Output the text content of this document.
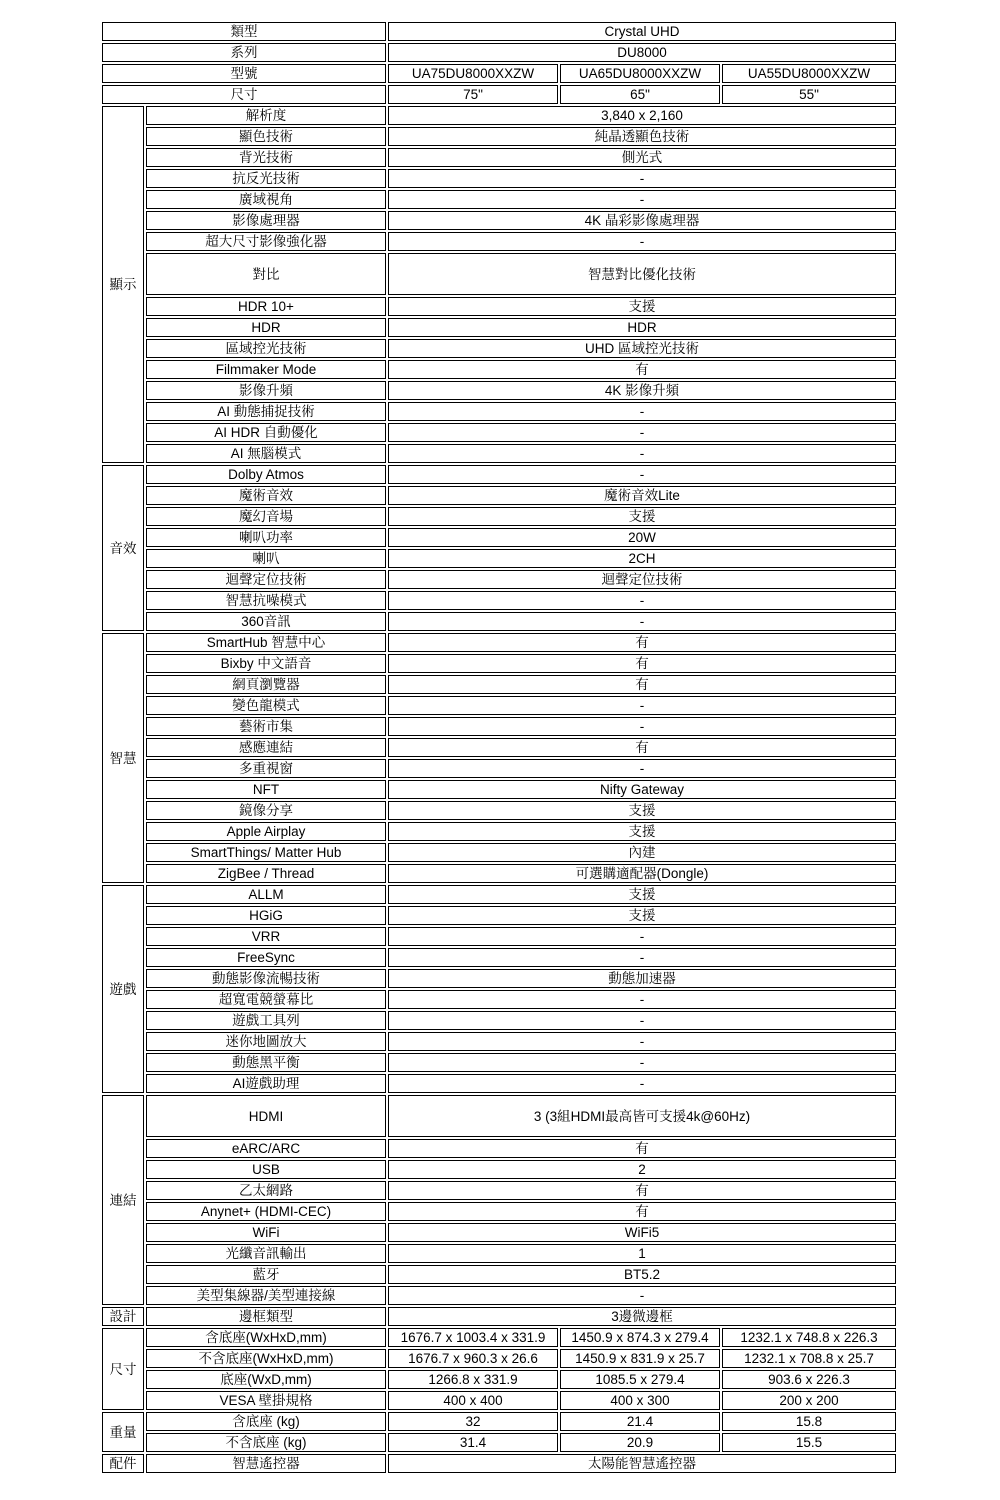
類型		Crystal UHD		
系列		DU8000		
型號		UA75DU8000XXZW	UA65DU8000XXZW	UA55DU8000XXZW
尺寸		75"	65"	55"
顯示	解析度	3,840 x 2,160		
	顯色技術	純晶透顯色技術		
	背光技術	側光式		
	抗反光技術	-		
	廣域視角	-		
	影像處理器	4K 晶彩影像處理器		
	超大尺寸影像強化器	-		
	對比	智慧對比優化技術		
	HDR 10+	支援		
	HDR	HDR		
	區域控光技術	UHD 區域控光技術		
	Filmmaker Mode	有		
	影像升頻	4K 影像升頻		
	AI 動態捕捉技術	-		
	AI HDR 自動優化	-		
	AI 無腦模式	-		
音效	Dolby Atmos	-		
	魔術音效	魔術音效Lite		
	魔幻音場	支援		
	喇叭功率	20W		
	喇叭	2CH		
	迴聲定位技術	迴聲定位技術		
	智慧抗噪模式	-		
	360音訊	-		
智慧	SmartHub 智慧中心	有		
	Bixby 中文語音	有		
	網頁瀏覽器	有		
	變色龍模式	-		
	藝術市集	-		
	感應連結	有		
	多重視窗	-		
	NFT	Nifty Gateway		
	鏡像分享	支援		
	Apple Airplay	支援		
	SmartThings/ Matter Hub	內建		
	ZigBee / Thread	可選購適配器(Dongle)		
遊戲	ALLM	支援		
	HGiG	支援		
	VRR	-		
	FreeSync	-		
	動態影像流暢技術	動態加速器		
	超寬電競螢幕比	-		
	遊戲工具列	-		
	迷你地圖放大	-		
	動態黑平衡	-		
	AI遊戲助理	-		
連結	HDMI	3 (3組HDMI最高皆可支援4k@60Hz)		
	eARC/ARC	有		
	USB	2		
	乙太網路	有		
	Anynet+ (HDMI-CEC)	有		
	WiFi	WiFi5		
	光纖音訊輸出	1		
	藍牙	BT5.2		
	美型集線器/美型連接線	-		
設計	邊框類型	3邊微邊框		
尺寸	含底座(WxHxD,mm)	1676.7 x 1003.4 x 331.9	1450.9 x 874.3 x 279.4	1232.1 x 748.8 x 226.3
	不含底座(WxHxD,mm)	1676.7 x 960.3 x 26.6	1450.9 x 831.9 x 25.7	1232.1 x 708.8 x 25.7
	底座(WxD,mm)	1266.8 x 331.9	1085.5 x 279.4	903.6 x 226.3
	VESA 壁掛規格	400 x 400	400 x 300	200 x 200
重量	含底座 (kg)	32	21.4	15.8
	不含底座 (kg)	31.4	20.9	15.5
配件	智慧遙控器	太陽能智慧遙控器		
